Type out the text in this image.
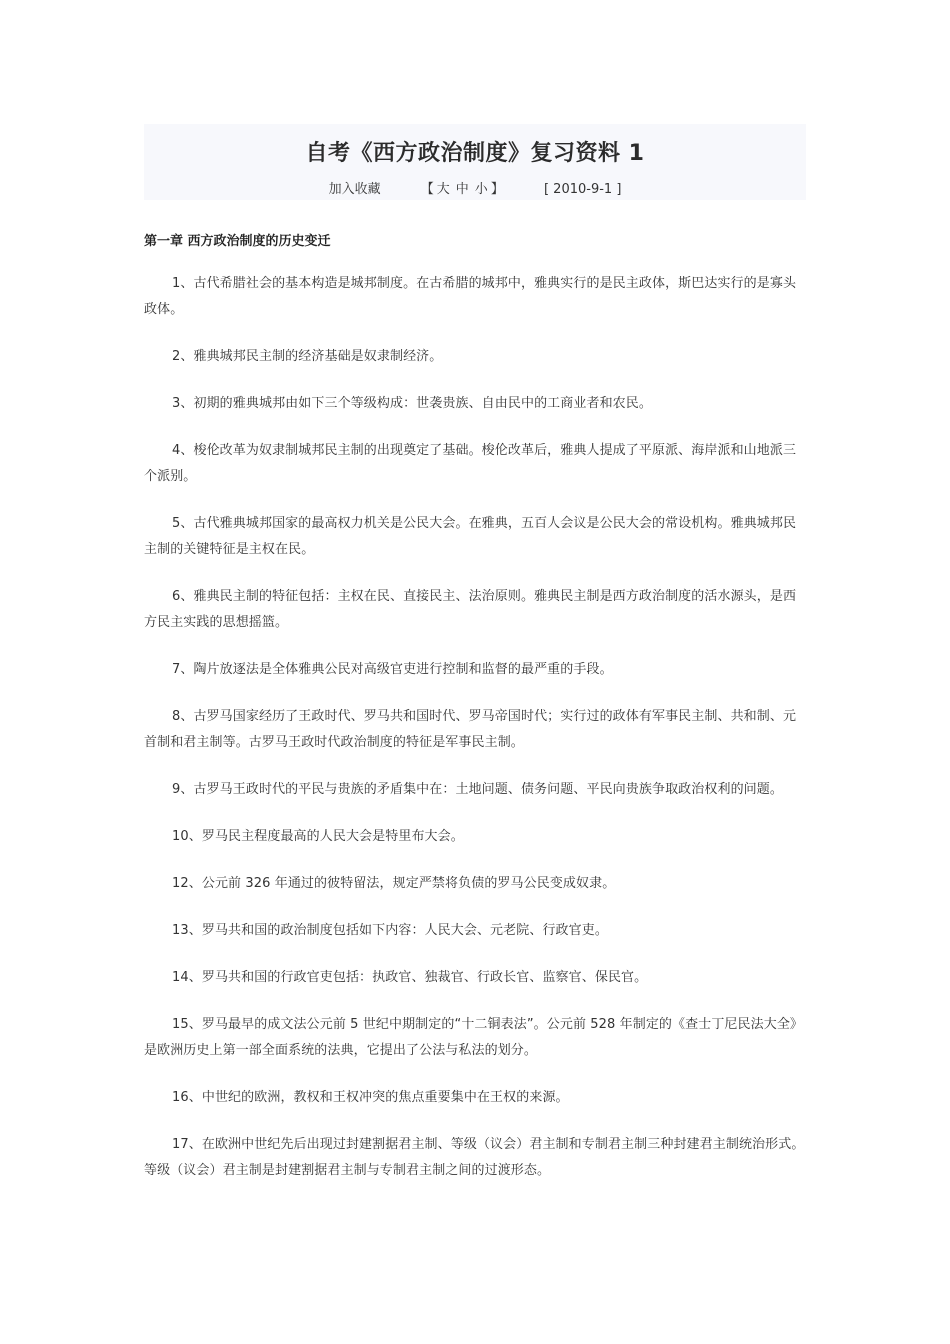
自考《西方政治制度》复习资料 1
加入收藏	【 大 中 小 】	[ 2010-9-1 ]
第一章 西方政治制度的历史变迁

1、古代希腊社会的基本构造是城邦制度。在古希腊的城邦中，雅典实行的是民主政体，斯巴达实行的是寡头政体。

2、雅典城邦民主制的经济基础是奴隶制经济。

3、初期的雅典城邦由如下三个等级构成：世袭贵族、自由民中的工商业者和农民。

4、梭伦改革为奴隶制城邦民主制的出现奠定了基础。梭伦改革后，雅典人提成了平原派、海岸派和山地派三个派别。

5、古代雅典城邦国家的最高权力机关是公民大会。在雅典，五百人会议是公民大会的常设机构。雅典城邦民主制的关键特征是主权在民。

6、雅典民主制的特征包括：主权在民、直接民主、法治原则。雅典民主制是西方政治制度的活水源头，是西方民主实践的思想摇篮。

7、陶片放逐法是全体雅典公民对高级官吏进行控制和监督的最严重的手段。

8、古罗马国家经历了王政时代、罗马共和国时代、罗马帝国时代；实行过的政体有军事民主制、共和制、元首制和君主制等。古罗马王政时代政治制度的特征是军事民主制。

9、古罗马王政时代的平民与贵族的矛盾集中在：土地问题、债务问题、平民向贵族争取政治权利的问题。

10、罗马民主程度最高的人民大会是特里布大会。

12、公元前 326 年通过的彼特留法，规定严禁将负债的罗马公民变成奴隶。

13、罗马共和国的政治制度包括如下内容：人民大会、元老院、行政官吏。

14、罗马共和国的行政官吏包括：执政官、独裁官、行政长官、监察官、保民官。

15、罗马最早的成文法公元前 5 世纪中期制定的“十二铜表法”。公元前 528 年制定的《查士丁尼民法大全》是欧洲历史上第一部全面系统的法典，它提出了公法与私法的划分。

16、中世纪的欧洲，教权和王权冲突的焦点重要集中在王权的来源。

17、在欧洲中世纪先后出现过封建割据君主制、等级（议会）君主制和专制君主制三种封建君主制统治形式。等级（议会）君主制是封建割据君主制与专制君主制之间的过渡形态。
